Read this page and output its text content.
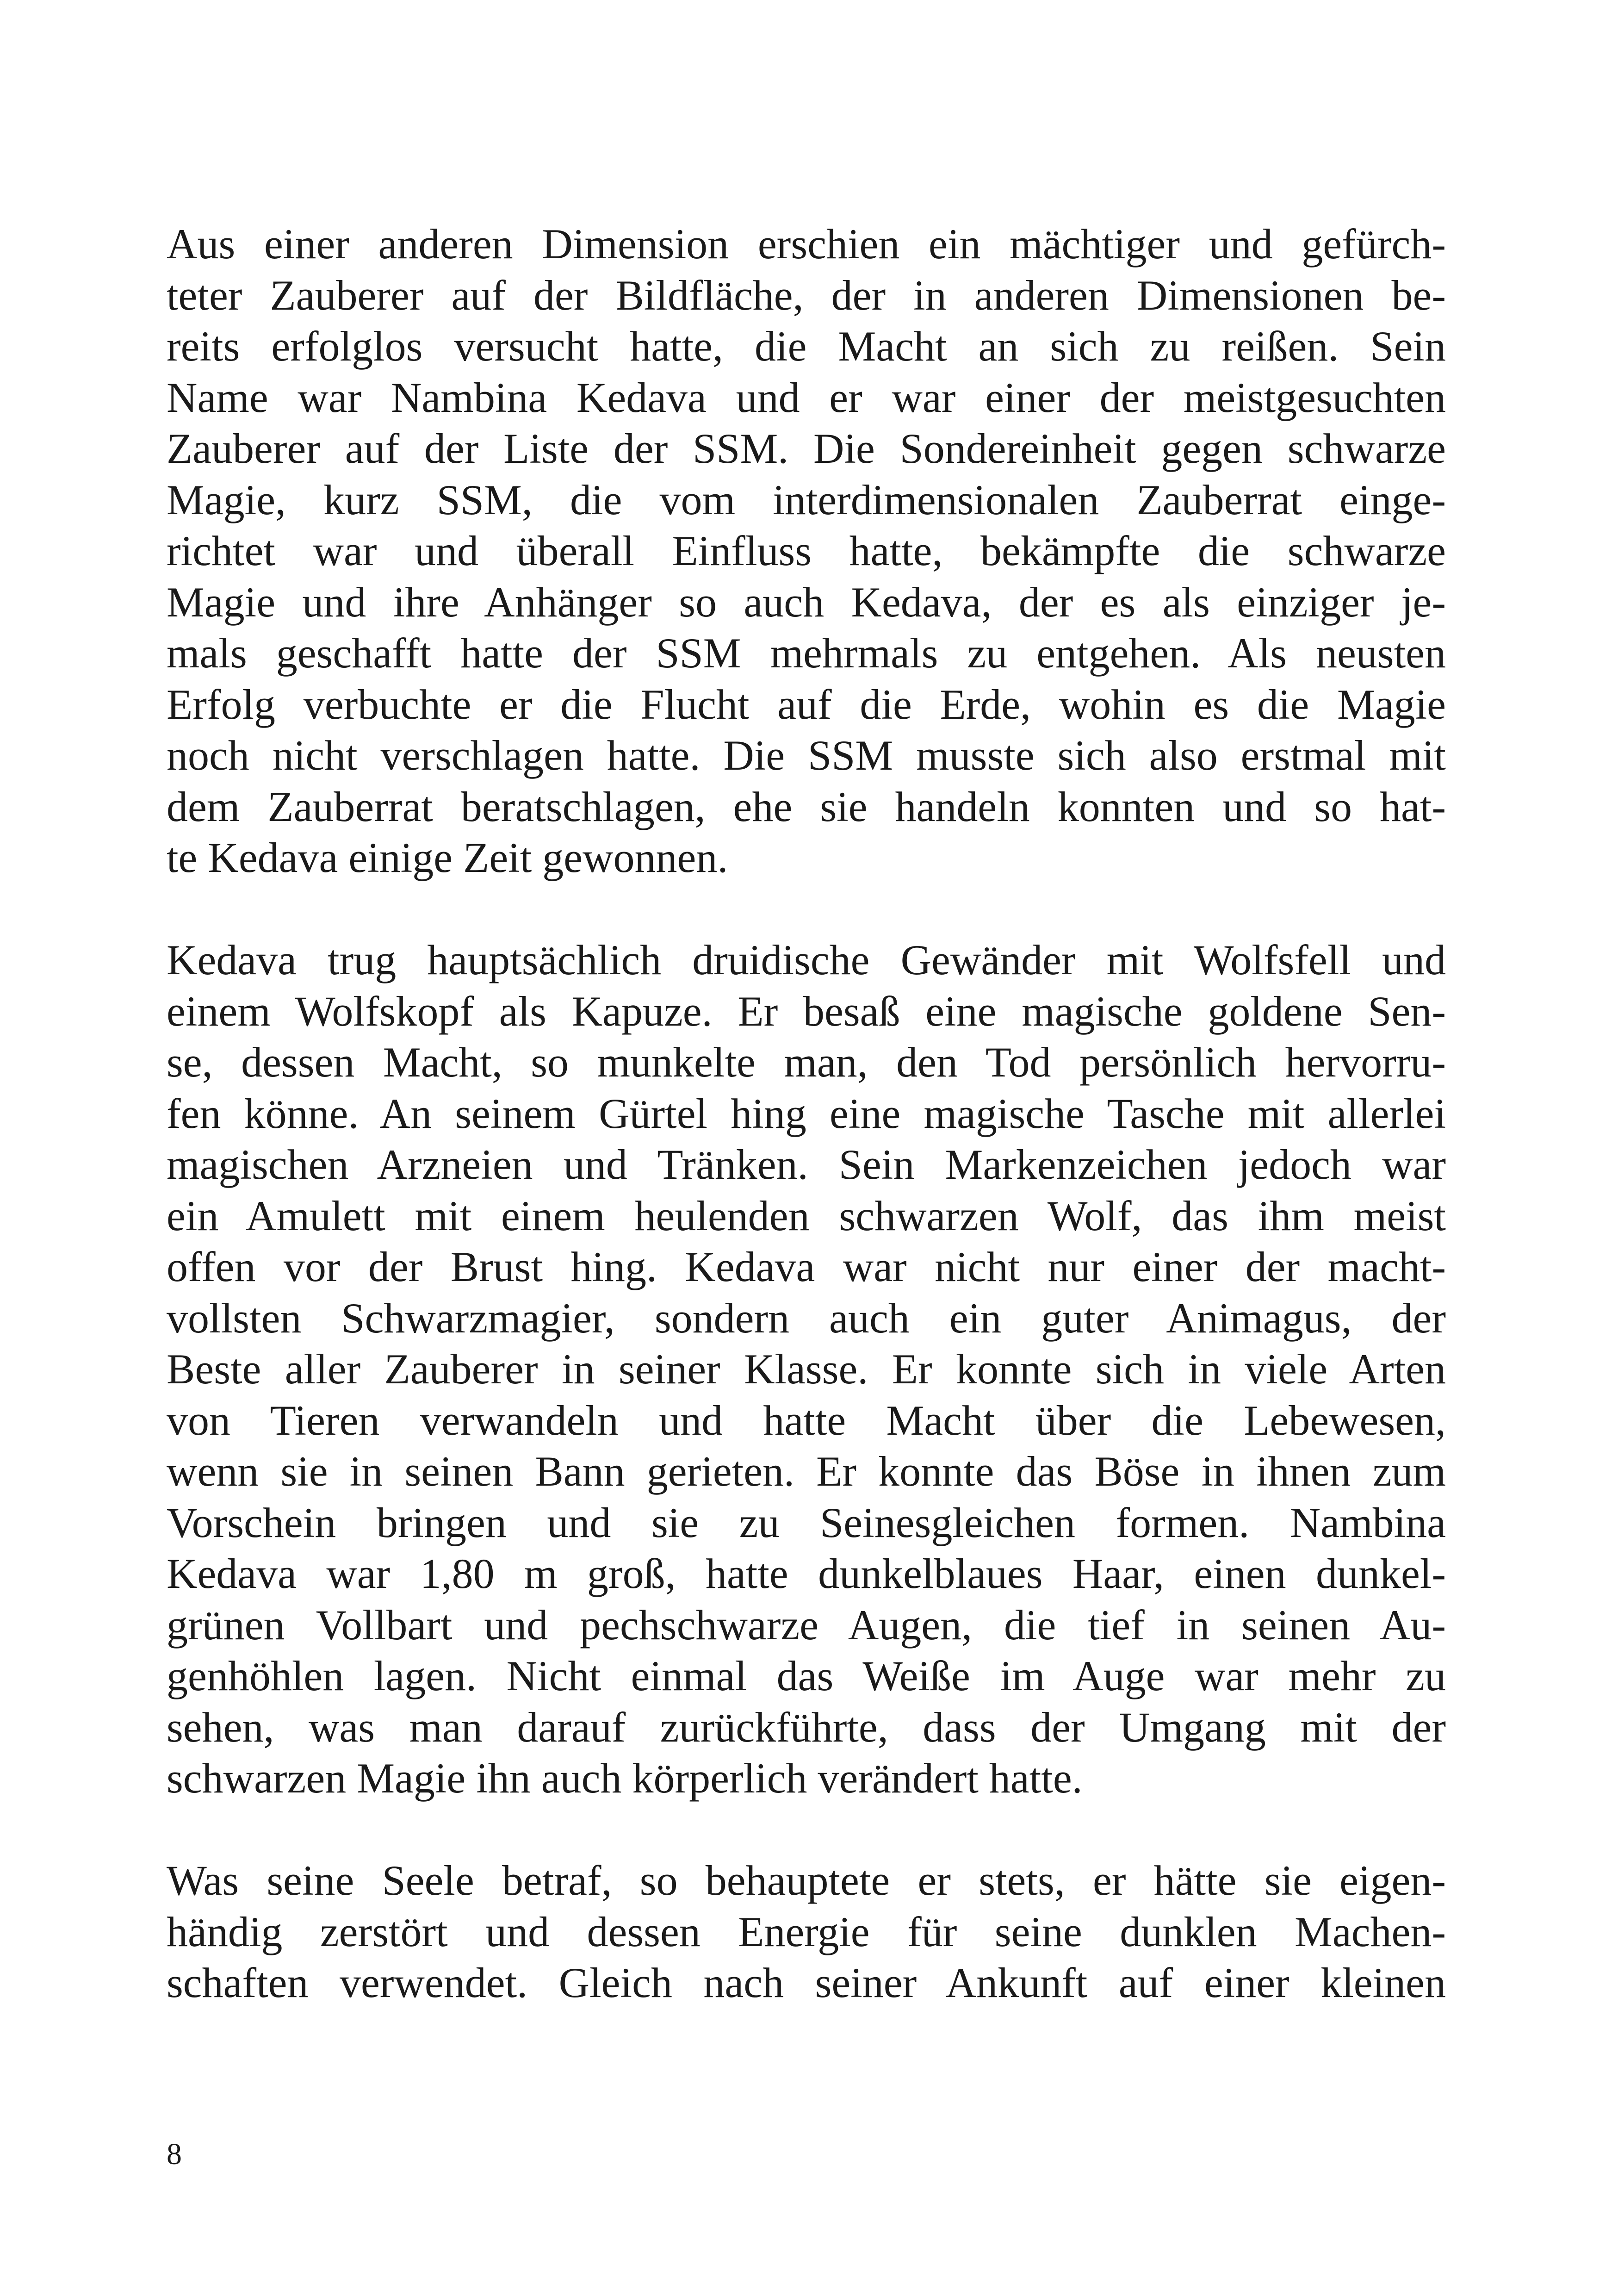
Aus einer anderen Dimension erschien ein mächtiger und gefürch-
teter Zauberer auf der Bildfläche, der in anderen Dimensionen be-
reits erfolglos versucht hatte, die Macht an sich zu reißen. Sein
Name war Nambina Kedava und er war einer der meistgesuchten
Zauberer auf der Liste der SSM. Die Sondereinheit gegen schwarze
Magie, kurz SSM, die vom interdimensionalen Zauberrat einge-
richtet war und überall Einfluss hatte, bekämpfte die schwarze
Magie und ihre Anhänger so auch Kedava, der es als einziger je-
mals geschafft hatte der SSM mehrmals zu entgehen. Als neusten
Erfolg verbuchte er die Flucht auf die Erde, wohin es die Magie
noch nicht verschlagen hatte. Die SSM musste sich also erstmal mit
dem Zauberrat beratschlagen, ehe sie handeln konnten und so hat-
te Kedava einige Zeit gewonnen.
Kedava trug hauptsächlich druidische Gewänder mit Wolfsfell und
einem Wolfskopf als Kapuze. Er besaß eine magische goldene Sen-
se, dessen Macht, so munkelte man, den Tod persönlich hervorru-
fen könne. An seinem Gürtel hing eine magische Tasche mit allerlei
magischen Arzneien und Tränken. Sein Markenzeichen jedoch war
ein Amulett mit einem heulenden schwarzen Wolf, das ihm meist
offen vor der Brust hing. Kedava war nicht nur einer der macht-
vollsten Schwarzmagier, sondern auch ein guter Animagus, der
Beste aller Zauberer in seiner Klasse. Er konnte sich in viele Arten
von Tieren verwandeln und hatte Macht über die Lebewesen,
wenn sie in seinen Bann gerieten. Er konnte das Böse in ihnen zum
Vorschein bringen und sie zu Seinesgleichen formen. Nambina
Kedava war 1,80 m groß, hatte dunkelblaues Haar, einen dunkel-
grünen Vollbart und pechschwarze Augen, die tief in seinen Au-
genhöhlen lagen. Nicht einmal das Weiße im Auge war mehr zu
sehen, was man darauf zurückführte, dass der Umgang mit der
schwarzen Magie ihn auch körperlich verändert hatte.
Was seine Seele betraf, so behauptete er stets, er hätte sie eigen-
händig zerstört und dessen Energie für seine dunklen Machen-
schaften verwendet. Gleich nach seiner Ankunft auf einer kleinen
8
